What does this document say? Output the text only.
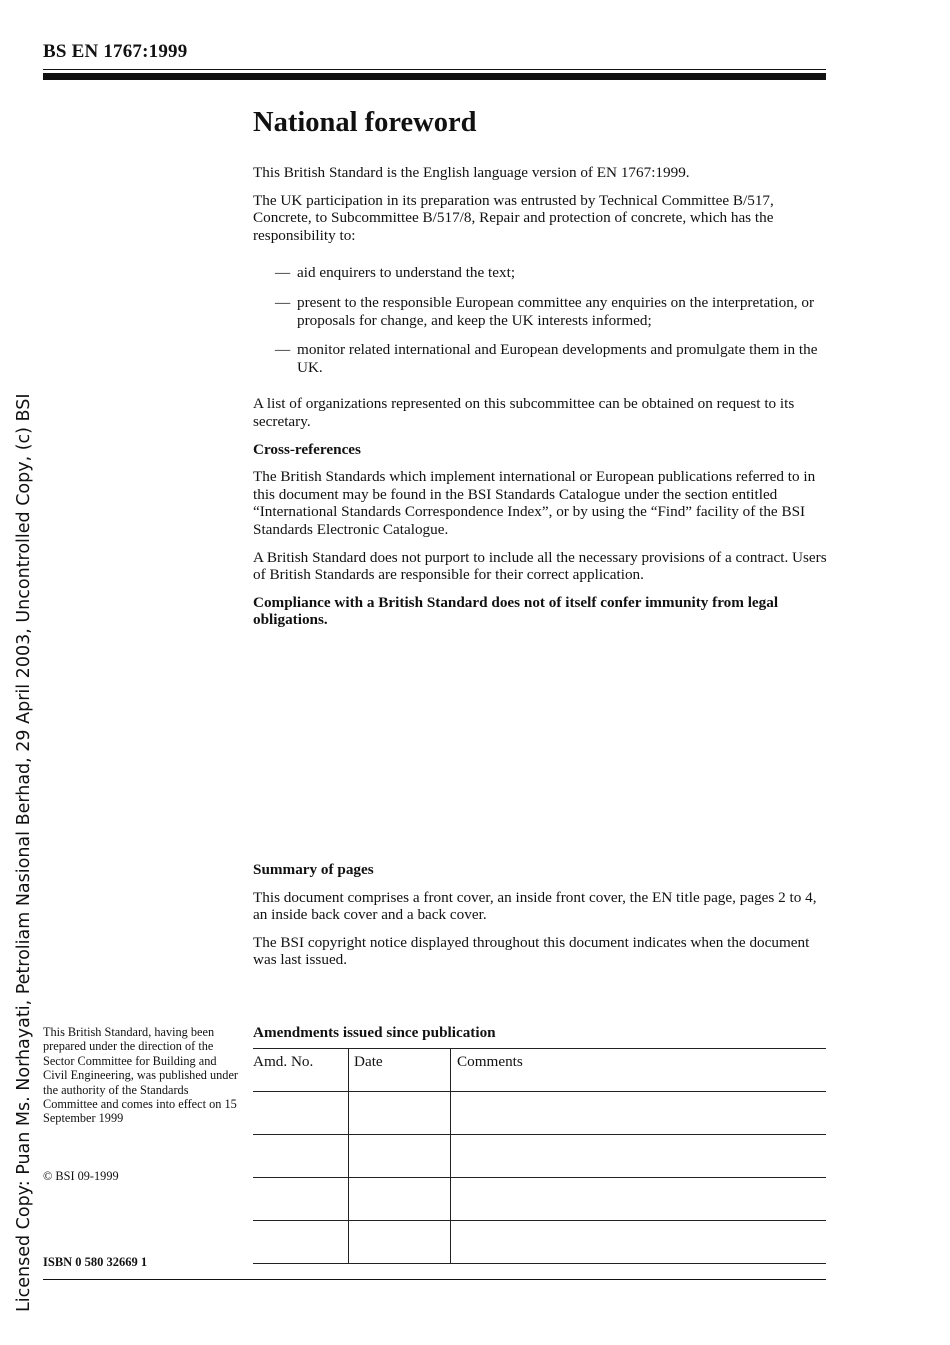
BS EN 1767:1999
Licensed Copy: Puan Ms. Norhayati, Petroliam Nasional Berhad, 29 April 2003, Uncontrolled Copy, (c) BSI
National foreword

This British Standard is the English language version of EN 1767:1999.

The UK participation in its preparation was entrusted by Technical Committee B/517, Concrete, to Subcommittee B/517/8, Repair and protection of concrete, which has the responsibility to:

— aid enquirers to understand the text;
— present to the responsible European committee any enquiries on the interpretation, or proposals for change, and keep the UK interests informed;
— monitor related international and European developments and promulgate them in the UK.

A list of organizations represented on this subcommittee can be obtained on request to its secretary.

Cross-references

The British Standards which implement international or European publications referred to in this document may be found in the BSI Standards Catalogue under the section entitled “International Standards Correspondence Index”, or by using the “Find” facility of the BSI Standards Electronic Catalogue.

A British Standard does not purport to include all the necessary provisions of a contract. Users of British Standards are responsible for their correct application.

Compliance with a British Standard does not of itself confer immunity from legal obligations.

Summary of pages

This document comprises a front cover, an inside front cover, the EN title page, pages 2 to 4, an inside back cover and a back cover.

The BSI copyright notice displayed throughout this document indicates when the document was last issued.

Amendments issued since publication
Amd. No.	Date	Comments

This British Standard, having been prepared under the direction of the Sector Committee for Building and Civil Engineering, was published under the authority of the Standards Committee and comes into effect on 15 September 1999
© BSI 09-1999
ISBN 0 580 32669 1
